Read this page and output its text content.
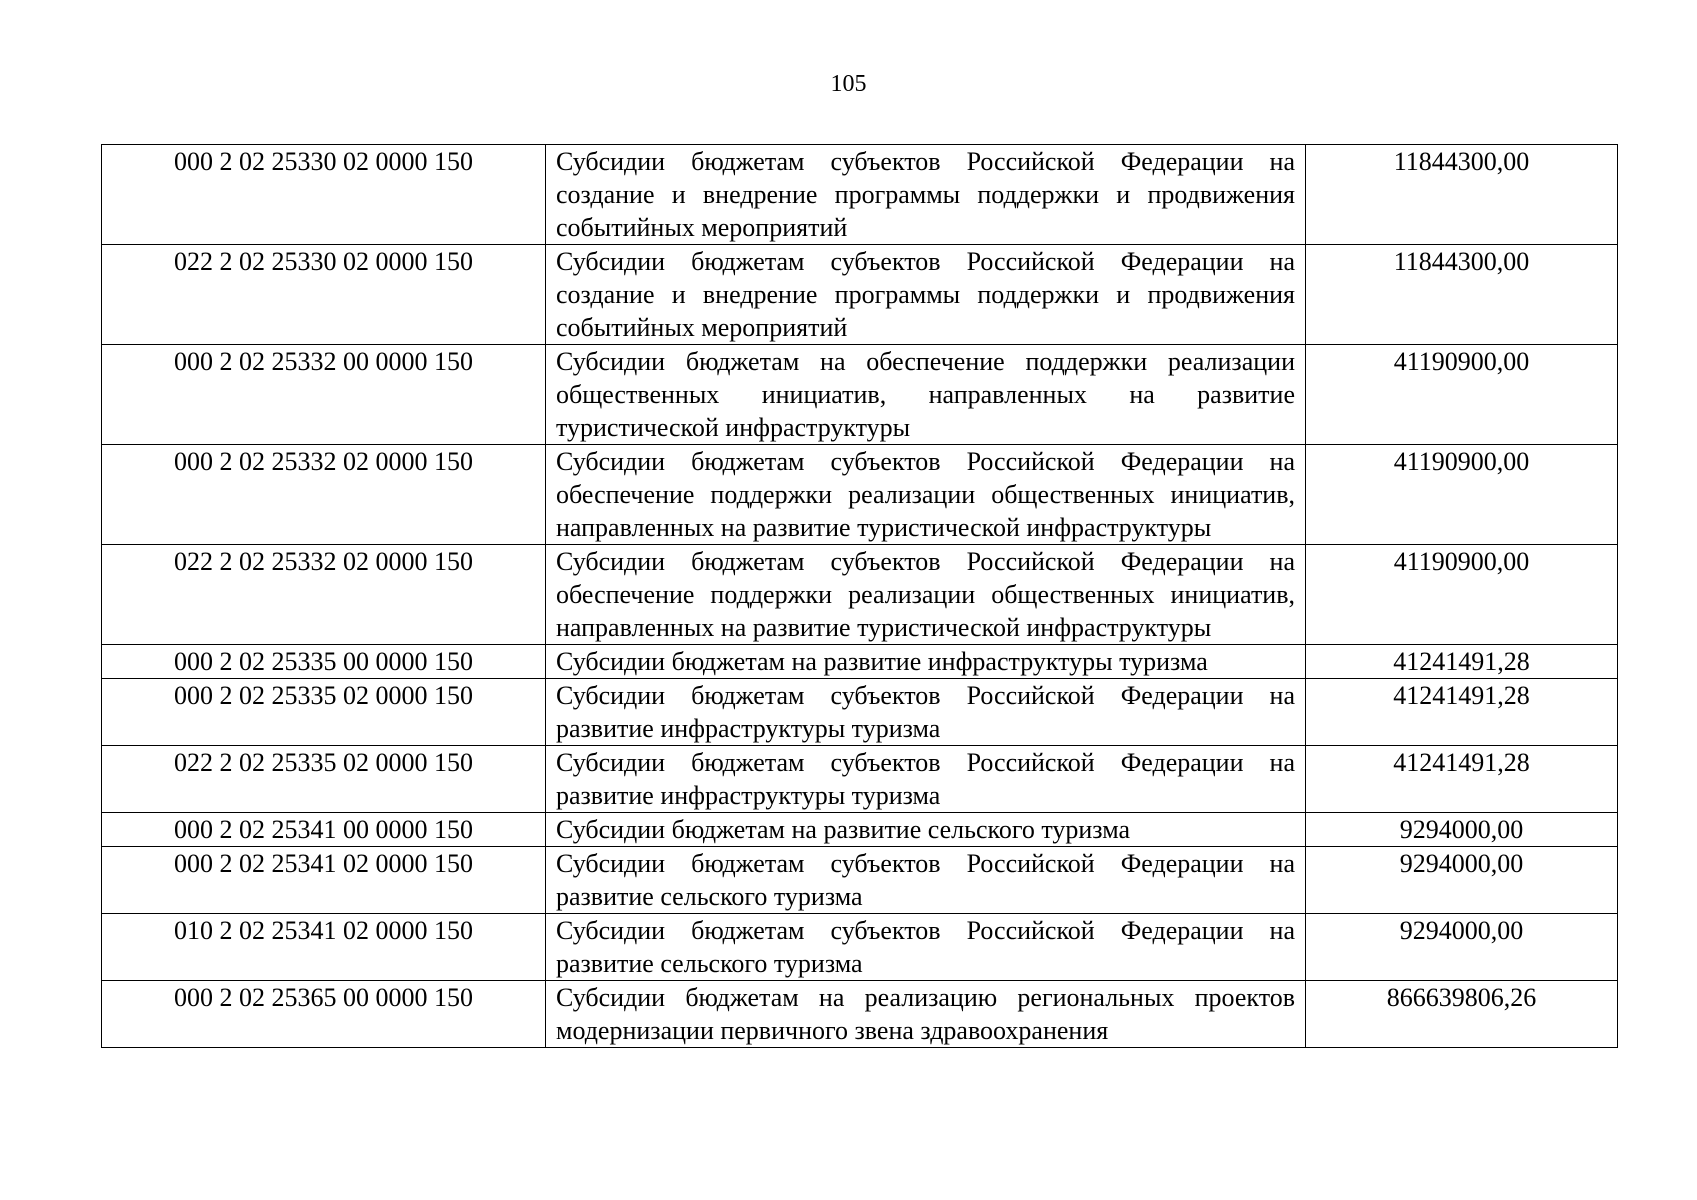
105
000 2 02 25330 02 0000 150	Субсидии бюджетам субъектов Российской Федерации на создание и внедрение программы поддержки и продвижения событийных мероприятий	11844300,00
022 2 02 25330 02 0000 150	Субсидии бюджетам субъектов Российской Федерации на создание и внедрение программы поддержки и продвижения событийных мероприятий	11844300,00
000 2 02 25332 00 0000 150	Субсидии бюджетам на обеспечение поддержки реализации общественных инициатив, направленных на развитие туристической инфраструктуры	41190900,00
000 2 02 25332 02 0000 150	Субсидии бюджетам субъектов Российской Федерации на обеспечение поддержки реализации общественных инициатив, направленных на развитие туристической инфраструктуры	41190900,00
022 2 02 25332 02 0000 150	Субсидии бюджетам субъектов Российской Федерации на обеспечение поддержки реализации общественных инициатив, направленных на развитие туристической инфраструктуры	41190900,00
000 2 02 25335 00 0000 150	Субсидии бюджетам на развитие инфраструктуры туризма	41241491,28
000 2 02 25335 02 0000 150	Субсидии бюджетам субъектов Российской Федерации на развитие инфраструктуры туризма	41241491,28
022 2 02 25335 02 0000 150	Субсидии бюджетам субъектов Российской Федерации на развитие инфраструктуры туризма	41241491,28
000 2 02 25341 00 0000 150	Субсидии бюджетам на развитие сельского туризма	9294000,00
000 2 02 25341 02 0000 150	Субсидии бюджетам субъектов Российской Федерации на развитие сельского туризма	9294000,00
010 2 02 25341 02 0000 150	Субсидии бюджетам субъектов Российской Федерации на развитие сельского туризма	9294000,00
000 2 02 25365 00 0000 150	Субсидии бюджетам на реализацию региональных проектов модернизации первичного звена здравоохранения	866639806,26
